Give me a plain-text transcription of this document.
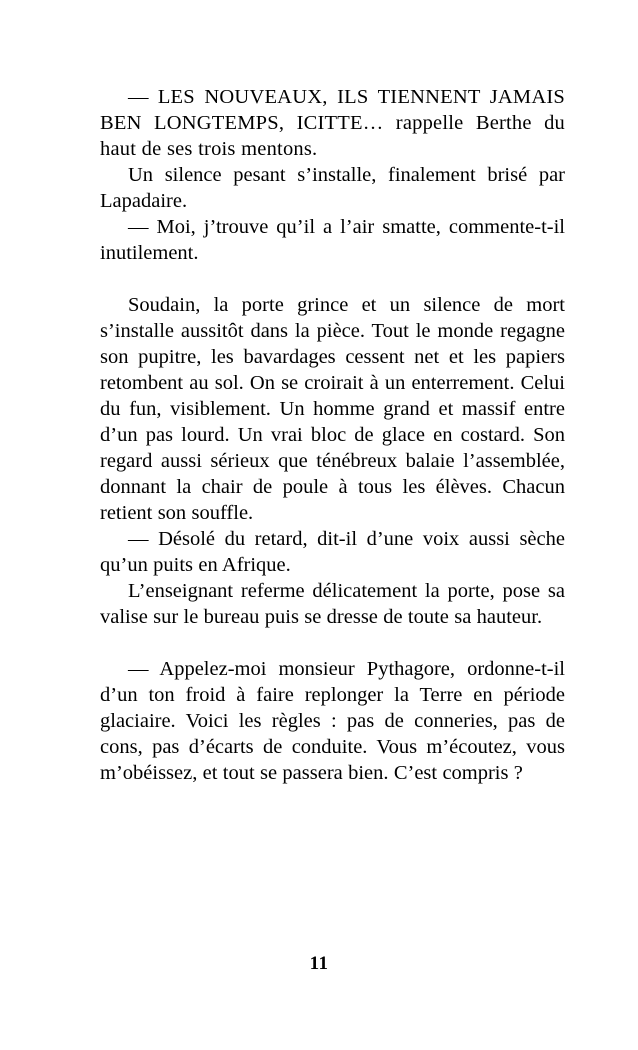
— LES NOUVEAUX, ILS TIENNENT JAMAIS BEN LONGTEMPS, ICITTE… rappelle Berthe du haut de ses trois mentons.

Un silence pesant s’installe, finalement brisé par Lapadaire.

— Moi, j’trouve qu’il a l’air smatte, commente-t-il inutilement.

Soudain, la porte grince et un silence de mort s’installe aussitôt dans la pièce. Tout le monde regagne son pupitre, les bavardages cessent net et les papiers retombent au sol. On se croirait à un enterrement. Celui du fun, visiblement. Un homme grand et massif entre d’un pas lourd. Un vrai bloc de glace en costard. Son regard aussi sérieux que ténébreux balaie l’assemblée, donnant la chair de poule à tous les élèves. Chacun retient son souffle.

— Désolé du retard, dit-il d’une voix aussi sèche qu’un puits en Afrique.

L’enseignant referme délicatement la porte, pose sa valise sur le bureau puis se dresse de toute sa hauteur.

— Appelez-moi monsieur Pythagore, ordonne-t-il d’un ton froid à faire replonger la Terre en période glaciaire. Voici les règles : pas de conneries, pas de cons, pas d’écarts de conduite. Vous m’écoutez, vous m’obéissez, et tout se passera bien. C’est compris ?

11
